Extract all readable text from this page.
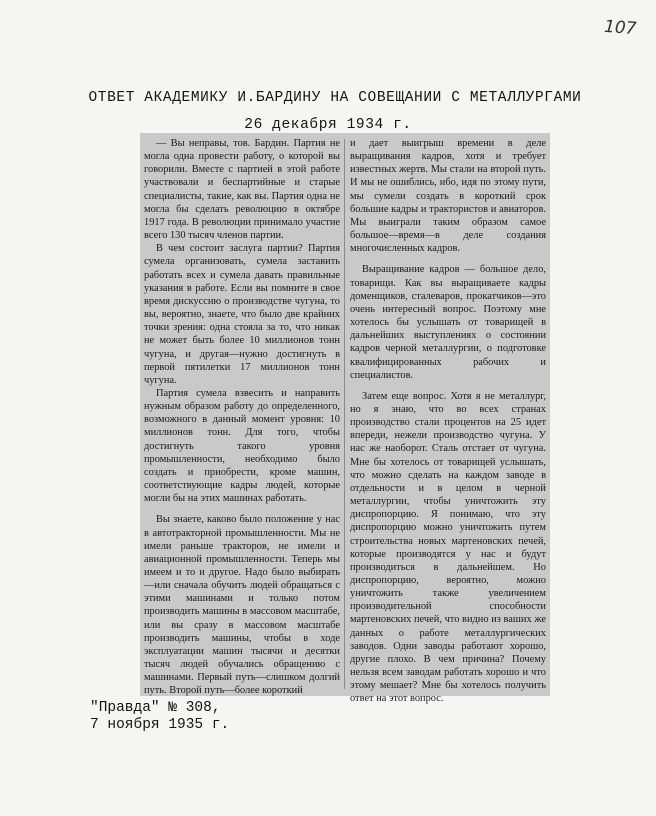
107
ОТВЕТ АКАДЕМИКУ И.БАРДИНУ НА СОВЕЩАНИИ С МЕТАЛЛУРГАМИ
26 декабря 1934 г.

— Вы неправы, тов. Бардин. Партия не могла одна провести работу, о которой вы говорили. Вместе с партией в этой работе участвовали и беспартийные и старые специалисты, такие, как вы. Партия одна не могла бы сделать революцию в октябре 1917 года. В революции принимало участие всего 130 тысяч членов партии.

В чем состоит заслуга партии? Партия сумела организовать, сумела заставить работать всех и сумела давать правильные указания в работе. Если вы помните в свое время дискуссию о производстве чугуна, то вы, вероятно, знаете, что было две крайних точки зрения: одна стояла за то, что никак не может быть более 10 миллионов тонн чугуна, и другая—нужно достигнуть в первой пятилетки 17 миллионов тонн чугуна.

Партия сумела взвесить и направить нужным образом работу до определенного, возможного в данный момент уровня: 10 миллионов тонн. Для того, чтобы достигнуть такого уровня промышленности, необходимо было создать и приобрести, кроме машин, соответствующие кадры людей, которые могли бы на этих машинах работать.

Вы знаете, каково было положение у нас в автотракторной промышленности. Мы не имели раньше тракторов, не имели и авиационной промышленности. Теперь мы имеем и то и другое. Надо было выбирать—или сначала обучить людей обращаться с этими машинами и только потом производить машины в массовом масштабе, или вы сразу в массовом масштабе производить машины, чтобы в ходе эксплуатации машин тысячи и десятки тысяч людей обучались обращению с машинами. Первый путь—слишком долгий путь. Второй путь—более короткий

и дает выигрыш времени в деле выращивания кадров, хотя и требует известных жертв. Мы стали на второй путь. И мы не ошиблись, ибо, идя по этому пути, мы сумели создать в короткий срок большие кадры и трактористов и авиаторов. Мы выиграли таким образом самое большое—время—в деле создания многочисленных кадров.

Выращивание кадров — большое дело, товарищи. Как вы выращиваете кадры доменщиков, сталеваров, прокатчиков—это очень интересный вопрос. Поэтому мне хотелось бы услышать от товарищей в дальнейших выступлениях о состоянии кадров черной металлургии, о подготовке квалифицированных рабочих и специалистов.

Затем еще вопрос. Хотя я не металлург, но я знаю, что во всех странах производство стали процентов на 25 идет впереди, нежели производство чугуна. У нас же наоборот. Сталь отстает от чугуна. Мне бы хотелось от товарищей услышать, что можно сделать на каждом заводе в отдельности и в целом в черной металлургии, чтобы уничтожить эту диспропорцию. Я понимаю, что эту диспропорцию можно уничтожить путем строительства новых мартеновских печей, которые производятся у нас и будут производиться в дальнейшем. Но диспропорцию, вероятно, можно уничтожить также увеличением производительной способности мартеновских печей, что видно из ваших же данных о работе металлургических заводов. Одни заводы работают хорошо, другие плохо. В чем причина? Почему нельзя всем заводам работать хорошо и что этому мешает? Мне бы хотелось получить ответ на этот вопрос.

"Правда" № 308,
7 ноября 1935 г.
